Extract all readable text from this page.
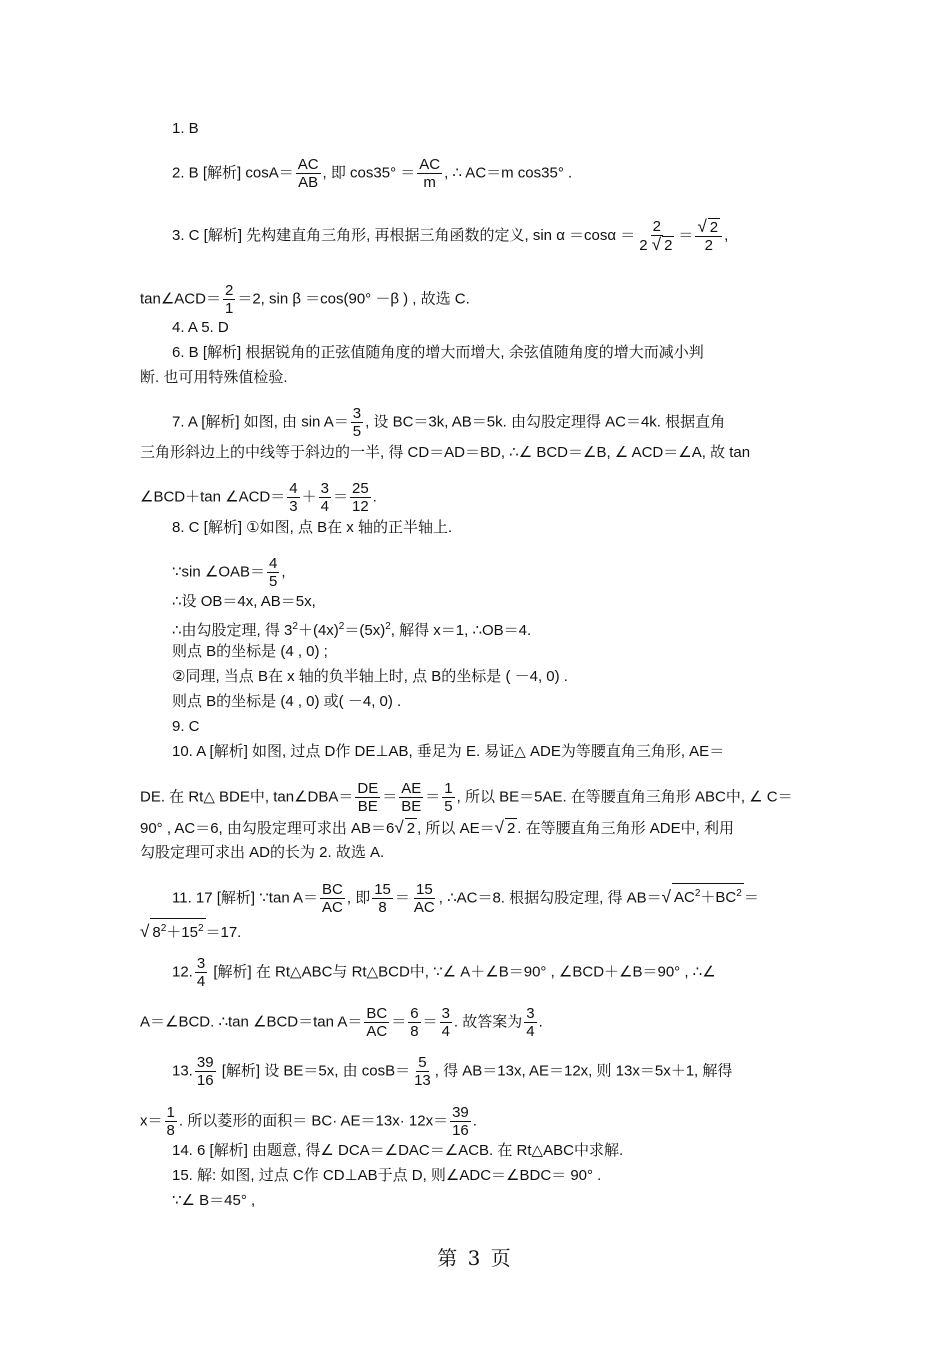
1. B
2. B [解析] $\cos A= \frac{AC}{AB}$ , 即 $\cos 35^\circ = \frac{AC}{m}$ , ∴ AC＝m cos35° .
3. C [解析] 先构建直角三角形, 再根据三角函数的定义, $\sin \alpha =\cos\alpha = \frac{2}{2 √ 2} = \frac{√ 2}{2}$ ,
tan∠ACD＝ $\frac{2}{1} =2$, sin β ＝cos(90° －β ) , 故选 C.
4. A 5. D
6. B [解析] 根据锐角的正弦值随角度的增大而增大, 余弦值随角度的增大而减小判
断. 也可用特殊值检验.
7. A [解析] 如图, 由 $\sin A= \frac{3}{5}$ , 设 BC＝3k, AB＝5k. 由勾股定理得 AC＝4k. 根据直角
三角形斜边上的中线等于斜边的一半, 得 CD＝AD＝BD, ∴∠ BCD＝∠B, ∠ ACD＝∠A, 故 tan
∠BCD＋tan ∠ACD＝ $\frac{4}{3} + \frac{3}{4} = \frac{25}{12}$ .
8. C [解析] ①如图, 点 B在 x 轴的正半轴上.
∵sin ∠OAB＝ $\frac{4}{5}$ ,
∴设 OB＝4x, AB＝5x,
∴由勾股定理, 得 $3^2+(4x)^2=(5x)^2$, 解得 x＝1, ∴OB＝4.
则点 B的坐标是 (4 , 0) ;
②同理, 当点 B在 x 轴的负半轴上时, 点 B的坐标是 ( －4, 0) .
则点 B的坐标是 (4 , 0) 或( －4, 0) .
9. C
10. A [解析] 如图, 过点 D作 DE⊥AB, 垂足为 E. 易证△ ADE为等腰直角三角形, AE＝
DE. 在 Rt△ BDE中, tan∠DBA＝ $\frac{DE}{BE} = \frac{AE}{BE} = \frac{1}{5}$ , 所以 BE＝5AE. 在等腰直角三角形 ABC中, ∠ C＝
90° , AC＝6, 由勾股定理可求出 AB＝6√ 2 , 所以 AE＝√ 2 . 在等腰直角三角形 ADE中, 利用
勾股定理可求出 AD的长为 2. 故选 A.
11. 17 [解析] ∵tan $A= \frac{BC}{AC}$ , 即 $\frac{15}{8} = \frac{15}{AC}$ , ∴AC＝8. 根据勾股定理, 得 AB＝√ $AC^2+BC^2$ ＝
√ $8^2+15^2 =17$.
12. $\frac{3}{4}$ [解析] 在 Rt△ABC与 Rt△BCD中, ∵∠ A＋∠B＝90° , ∠BCD＋∠B＝90° , ∴∠
A＝∠BCD. ∴tan ∠BCD＝tan $A= \frac{BC}{AC} = \frac{6}{8} = \frac{3}{4}$ . 故答案为 $\frac{3}{4}$ .
13. $\frac{39}{16}$ [解析] 设 BE＝5x, 由 $\cos B= \frac{5}{13}$ , 得 AB＝13x, AE＝12x, 则 13x＝5x＋1, 解得
$x= \frac{1}{8}$ . 所以菱形的面积＝ $BC\cdot AE=13x\cdot 12x= \frac{39}{16}$ .
14. 6 [解析] 由题意, 得∠ DCA＝∠DAC＝∠ACB. 在 Rt△ABC中求解.
15. 解: 如图, 过点 C作 CD⊥AB于点 D, 则∠ADC＝∠BDC＝ 90° .
∵∠ B＝45° ,
第 3 页
